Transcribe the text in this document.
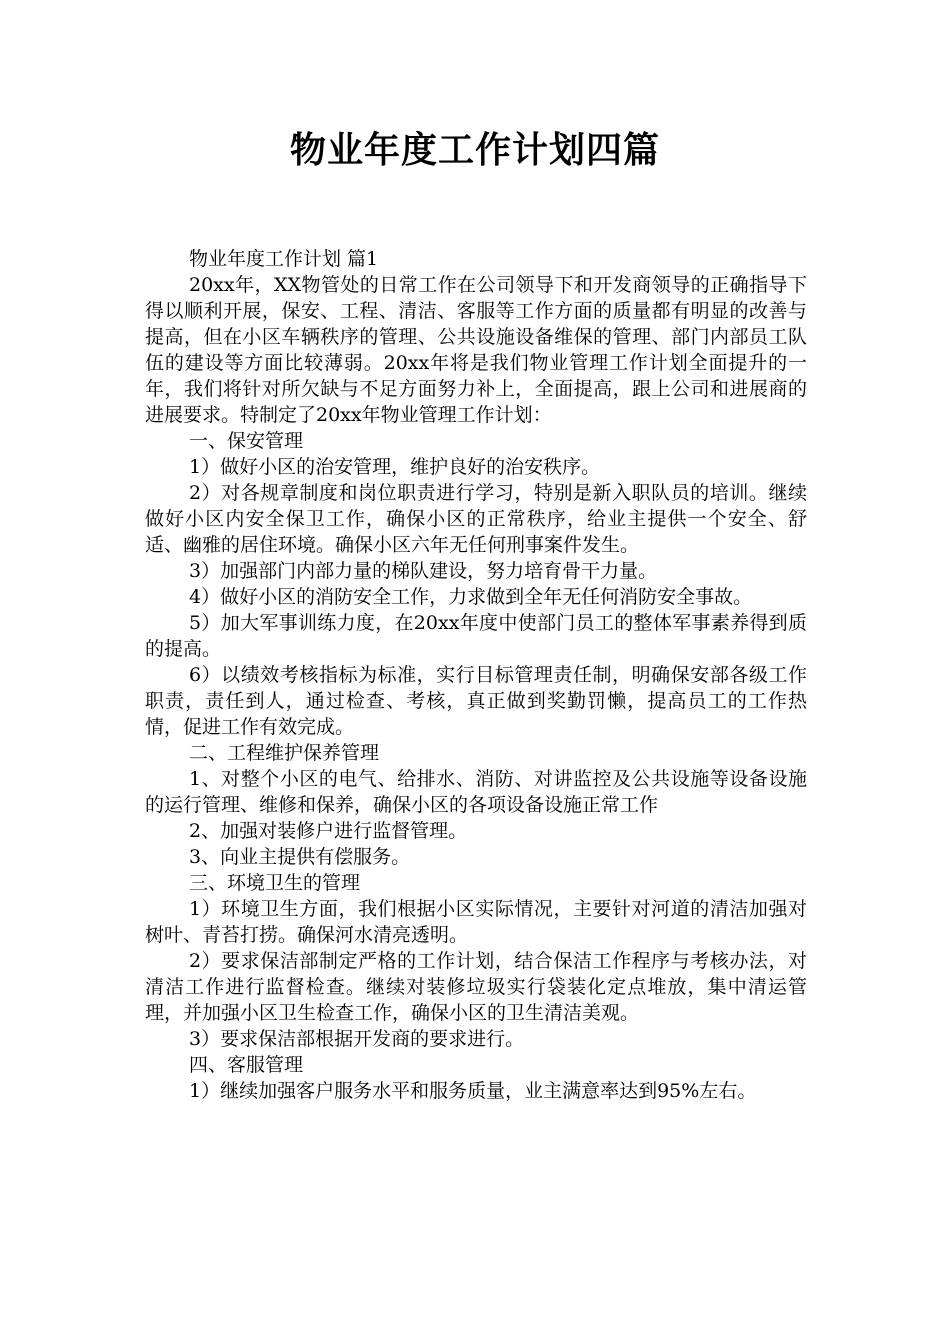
物业年度工作计划四篇

物业年度工作计划 篇1

20xx年，XX物管处的日常工作在公司领导下和开发商领导的正确指导下得以顺利开展，保安、工程、清洁、客服等工作方面的质量都有明显的改善与提高，但在小区车辆秩序的管理、公共设施设备维保的管理、部门内部员工队伍的建设等方面比较薄弱。20xx年将是我们物业管理工作计划全面提升的一年，我们将针对所欠缺与不足方面努力补上，全面提高，跟上公司和进展商的进展要求。特制定了20xx年物业管理工作计划：

一、保安管理

1）做好小区的治安管理，维护良好的治安秩序。

2）对各规章制度和岗位职责进行学习，特别是新入职队员的培训。继续做好小区内安全保卫工作，确保小区的正常秩序，给业主提供一个安全、舒适、幽雅的居住环境。确保小区六年无任何刑事案件发生。

3）加强部门内部力量的梯队建设，努力培育骨干力量。

4）做好小区的消防安全工作，力求做到全年无任何消防安全事故。

5）加大军事训练力度，在20xx年度中使部门员工的整体军事素养得到质的提高。

6）以绩效考核指标为标准，实行目标管理责任制，明确保安部各级工作职责，责任到人，通过检查、考核，真正做到奖勤罚懒，提高员工的工作热情，促进工作有效完成。

二、工程维护保养管理

1、对整个小区的电气、给排水、消防、对讲监控及公共设施等设备设施的运行管理、维修和保养，确保小区的各项设备设施正常工作

2、加强对装修户进行监督管理。

3、向业主提供有偿服务。

三、环境卫生的管理

1）环境卫生方面，我们根据小区实际情况，主要针对河道的清洁加强对树叶、青苔打捞。确保河水清亮透明。

2）要求保洁部制定严格的工作计划，结合保洁工作程序与考核办法，对清洁工作进行监督检查。继续对装修垃圾实行袋装化定点堆放，集中清运管理，并加强小区卫生检查工作，确保小区的卫生清洁美观。

3）要求保洁部根据开发商的要求进行。

四、客服管理

1）继续加强客户服务水平和服务质量，业主满意率达到95%左右。
